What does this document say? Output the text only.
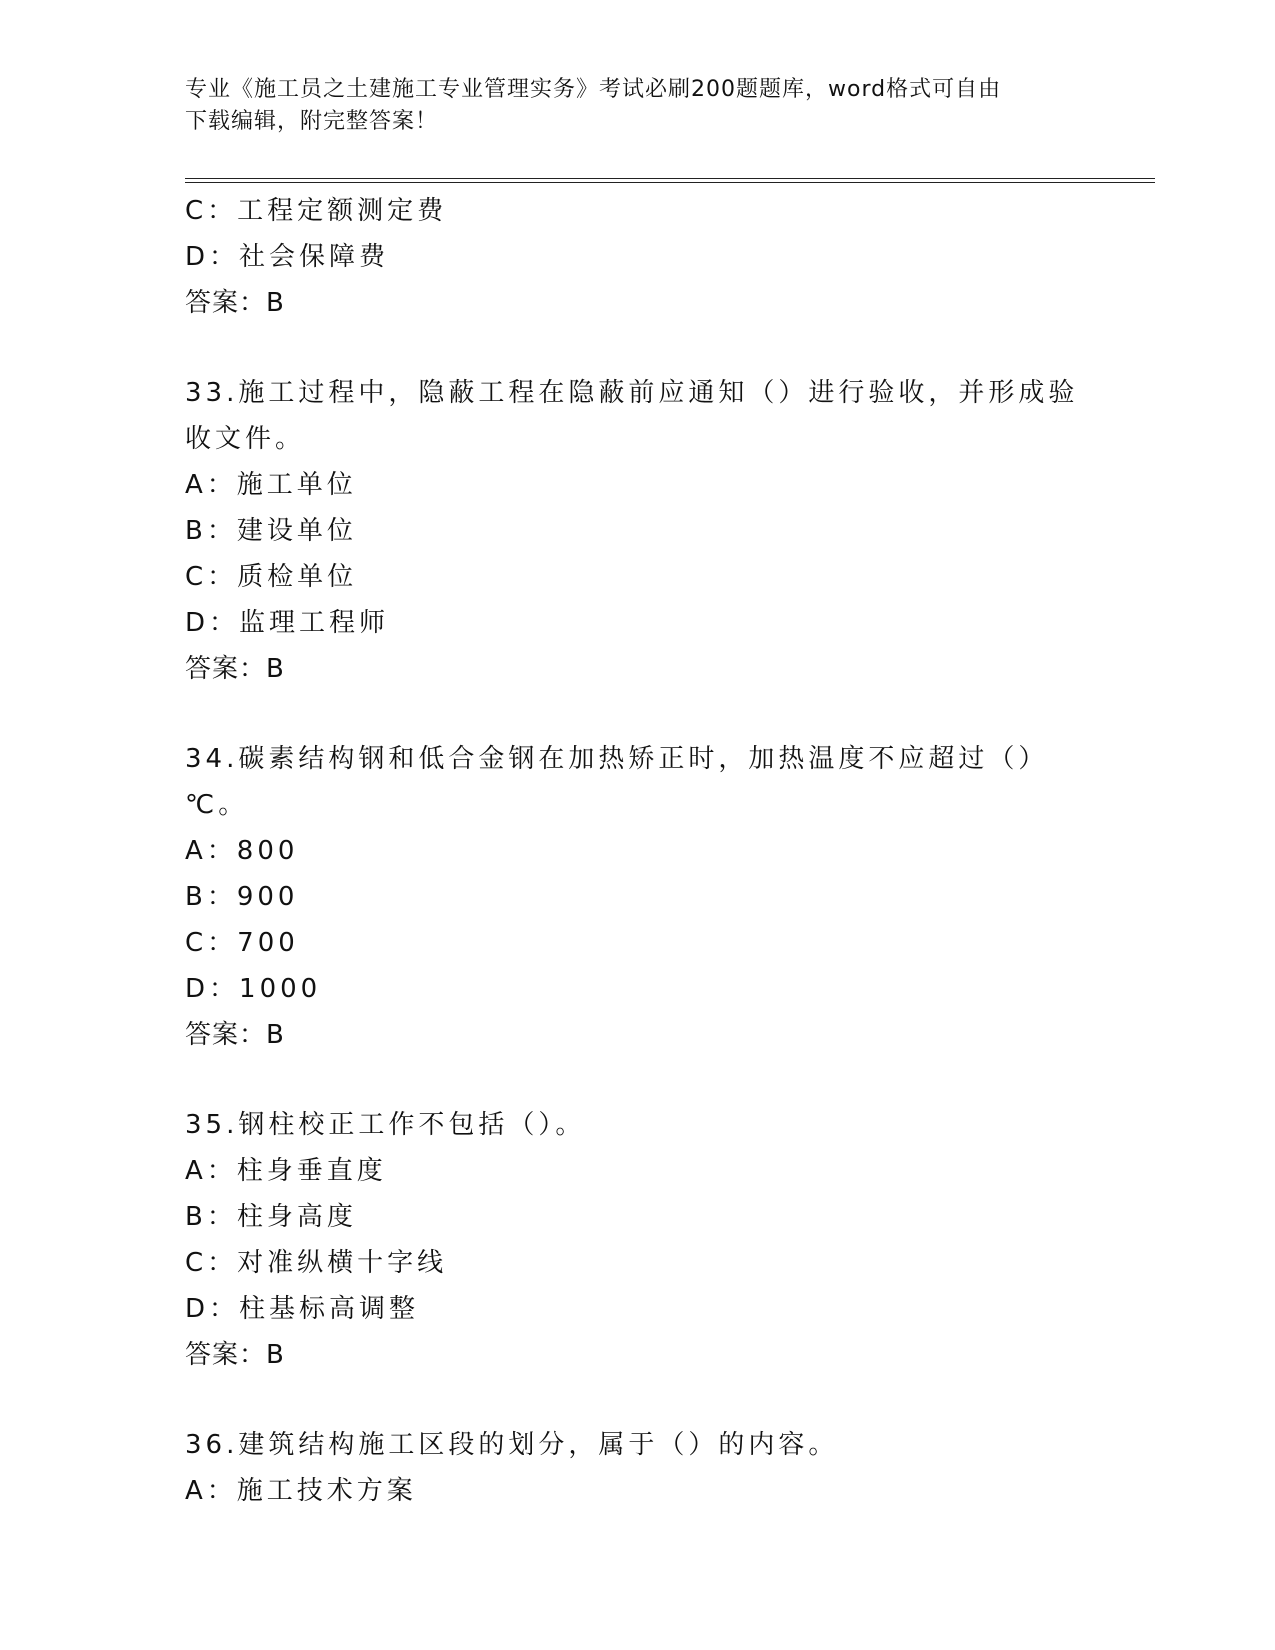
专业《施工员之土建施工专业管理实务》考试必刷200题题库，word格式可自由
下载编辑，附完整答案！
C：工程定额测定费
D：社会保障费
答案：B
33.施工过程中，隐蔽工程在隐蔽前应通知（）进行验收，并形成验收文件。
A：施工单位
B：建设单位
C：质检单位
D：监理工程师
答案：B
34.碳素结构钢和低合金钢在加热矫正时，加热温度不应超过（）℃。
A：800
B：900
C：700
D：1000
答案：B
35.钢柱校正工作不包括（）。
A：柱身垂直度
B：柱身高度
C：对准纵横十字线
D：柱基标高调整
答案：B
36.建筑结构施工区段的划分，属于（）的内容。
A：施工技术方案
